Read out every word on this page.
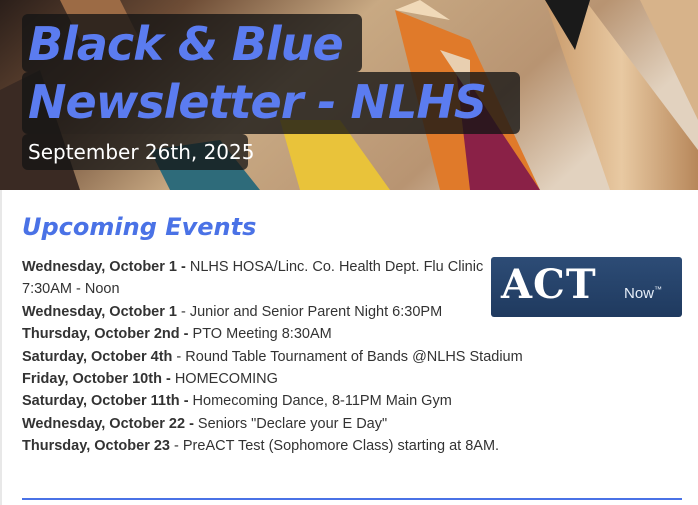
Black & Blue
Newsletter - NLHS
September 26th, 2025
Upcoming Events
Wednesday, October 1 - NLHS HOSA/Linc. Co. Health Dept. Flu Clinic 7:30AM - Noon
Wednesday, October 1 - Junior and Senior Parent Night 6:30PM
Thursday, October 2nd - PTO Meeting 8:30AM
Saturday, October 4th - Round Table Tournament of Bands @NLHS Stadium
Friday, October 10th - HOMECOMING
Saturday, October 11th - Homecoming Dance, 8-11PM Main Gym
Wednesday, October 22 - Seniors "Declare your E Day"
Thursday, October 23 - PreACT Test (Sophomore Class) starting at 8AM.
ACT Now™
